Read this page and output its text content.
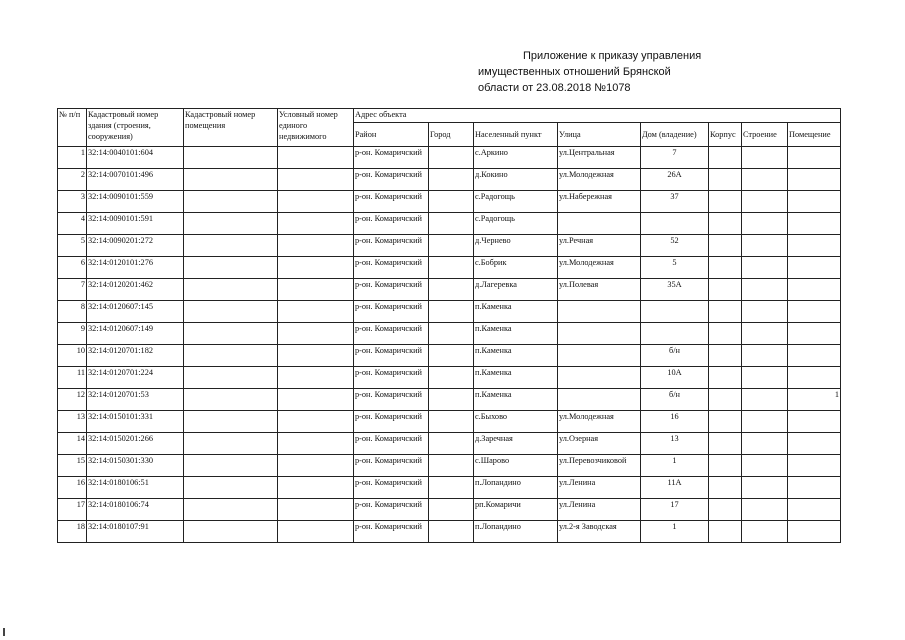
Приложение к приказу управления
имущественных отношений Брянской
области от 23.08.2018 №1078
№ п/п	Кадастровый номер здания (строения, сооружения)	Кадастровый номер помещения	Условный номер единого недвижимого	Адрес объекта							
				Район	Город	Населенный пункт	Улица	Дом (владение)	Корпус	Строение	Помещение
1	32:14:0040101:604			р-он. Комаричский		с.Аркино	ул.Центральная	7			
2	32:14:0070101:496			р-он. Комаричский		д.Кокино	ул.Молодежная	26А			
3	32:14:0090101:559			р-он. Комаричский		с.Радогощь	ул.Набережная	37			
4	32:14:0090101:591			р-он. Комаричский		с.Радогощь					
5	32:14:0090201:272			р-он. Комаричский		д.Чернево	ул.Речная	52			
6	32:14:0120101:276			р-он. Комаричский		с.Бобрик	ул.Молодежная	5			
7	32:14:0120201:462			р-он. Комаричский		д.Лагеревка	ул.Полевая	35А			
8	32:14:0120607:145			р-он. Комаричский		п.Каменка					
9	32:14:0120607:149			р-он. Комаричский		п.Каменка					
10	32:14:0120701:182			р-он. Комаричский		п.Каменка		б/н			
11	32:14:0120701:224			р-он. Комаричский		п.Каменка		10А			
12	32:14:0120701:53			р-он. Комаричский		п.Каменка		б/н			1
13	32:14:0150101:331			р-он. Комаричский		с.Быхово	ул.Молодежная	16			
14	32:14:0150201:266			р-он. Комаричский		д.Заречная	ул.Озерная	13			
15	32:14:0150301:330			р-он. Комаричский		с.Шарово	ул.Перевозчиковой	1			
16	32:14:0180106:51			р-он. Комаричский		п.Лопандино	ул.Ленина	11А			
17	32:14:0180106:74			р-он. Комаричский		рп.Комаричи	ул.Ленина	17			
18	32:14:0180107:91			р-он. Комаричский		п.Лопандино	ул.2-я Заводская	1			
